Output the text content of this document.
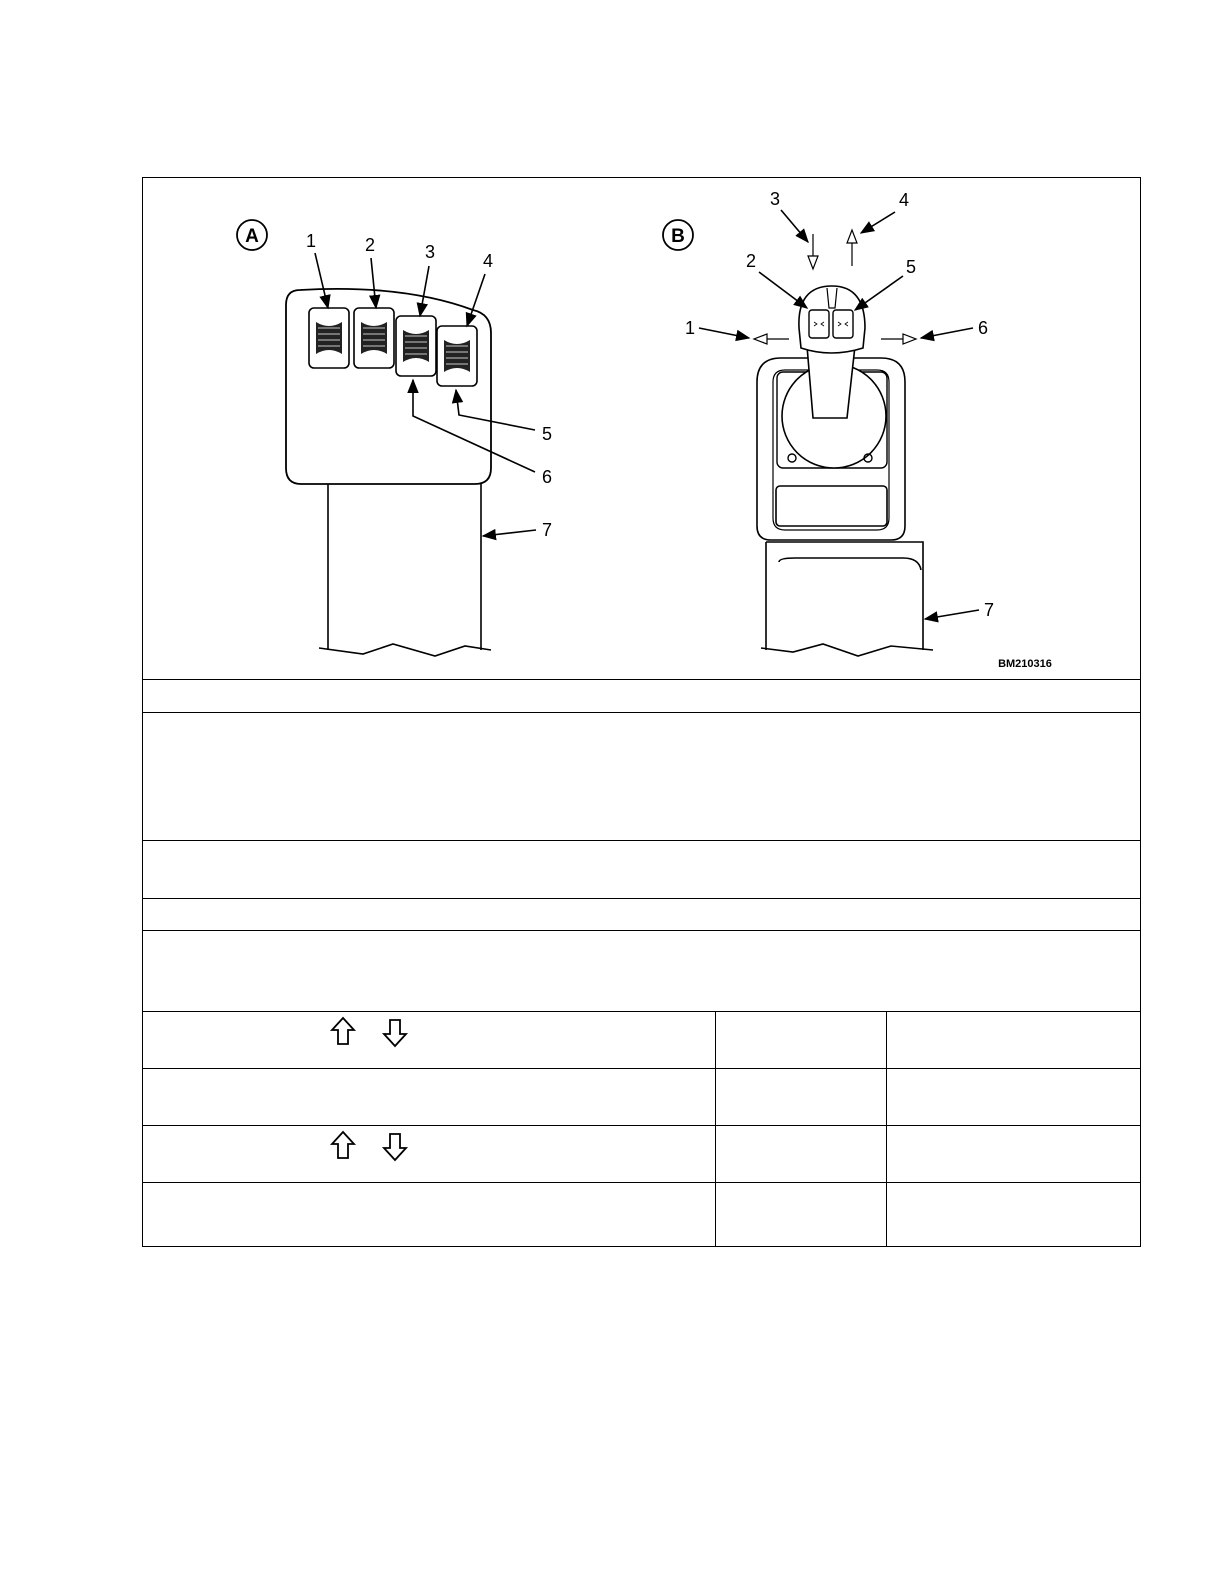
A	1	2	3	4
5
6
7
B
3	4
2	5
1	6
7
BM210316
